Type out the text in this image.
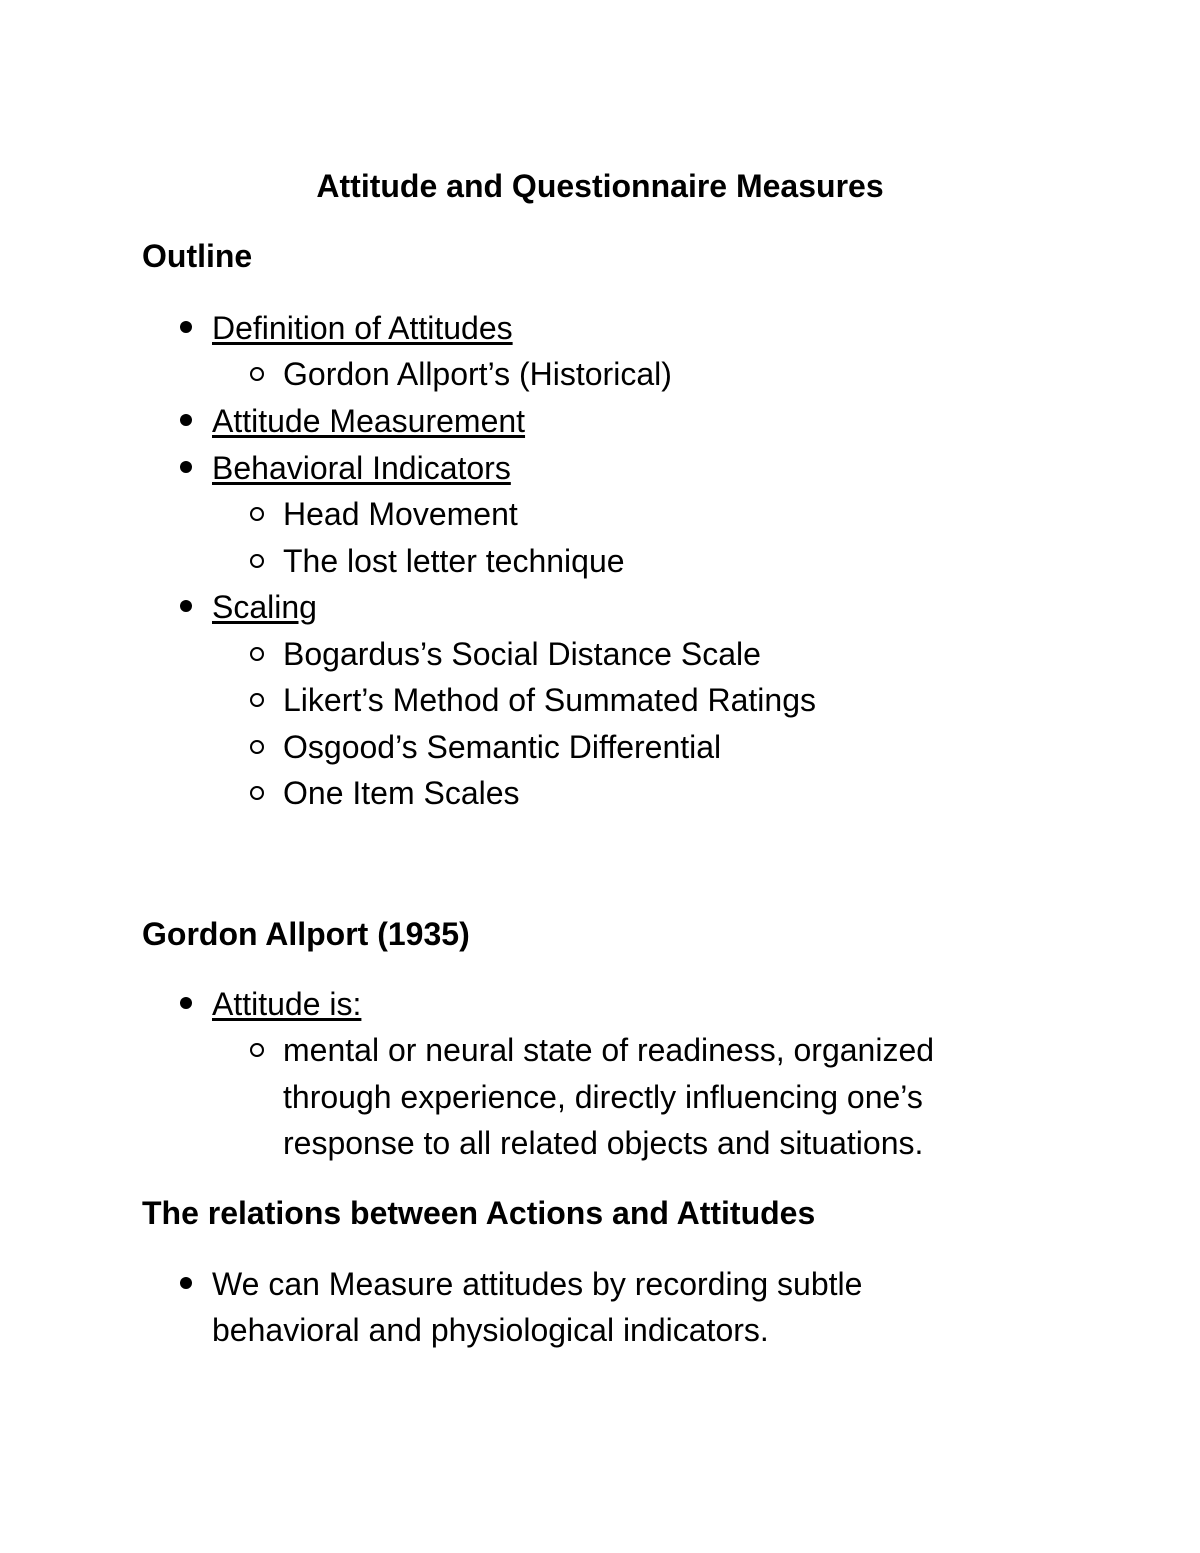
Attitude and Questionnaire Measures
Outline

Definition of Attitudes

Gordon Allport’s (Historical)

Attitude Measurement

Behavioral Indicators

Head Movement

The lost letter technique

Scaling

Bogardus’s Social Distance Scale

Likert’s Method of Summated Ratings

Osgood’s Semantic Differential

One Item Scales

Gordon Allport (1935)

Attitude is:

mental or neural state of readiness, organized

through experience, directly influencing one’s

response to all related objects and situations.

The relations between Actions and Attitudes

We can Measure attitudes by recording subtle

behavioral and physiological indicators.
